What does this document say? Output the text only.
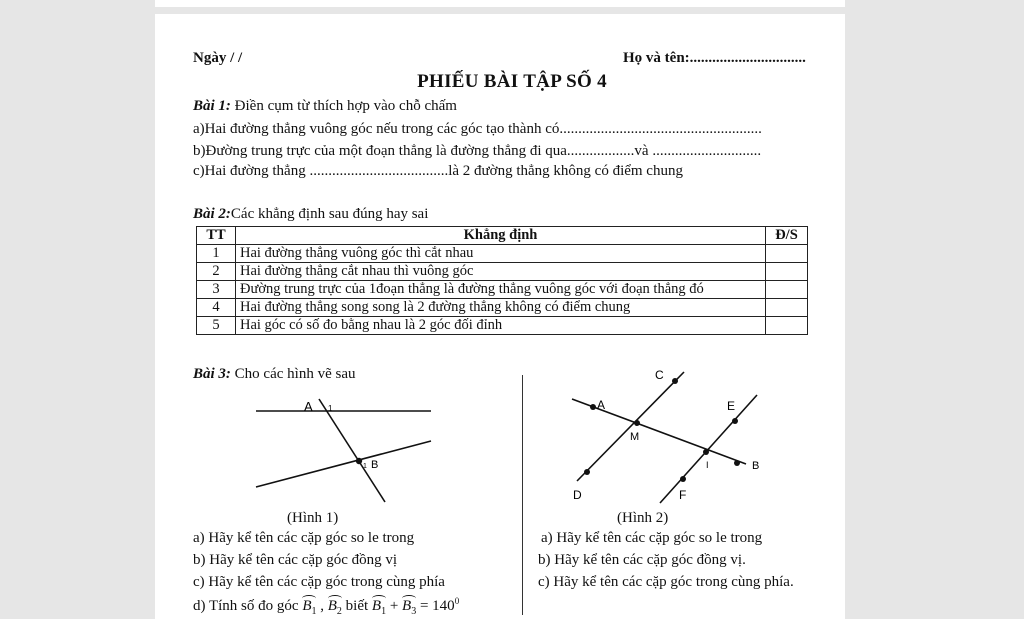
Ngày / /	Họ và tên:...............................
PHIẾU BÀI TẬP SỐ 4
Bài 1: Điền cụm từ thích hợp vào chỗ chấm
a)Hai đường thẳng vuông góc nếu trong các góc tạo thành có......................................................
b)Đường trung trực của một đoạn thẳng là đường thẳng đi qua..................và .............................
c)Hai đường thẳng .....................................là 2 đường thẳng không có điểm chung
Bài 2:Các khẳng định sau đúng hay sai
TT	Khẳng định	Đ/S
1	Hai đường thẳng vuông góc thì cắt nhau	
2	Hai đường thẳng cắt nhau thì vuông góc	
3	Đường trung trực của 1đoạn thẳng là đường thẳng vuông góc với đoạn thẳng đó	
4	Hai đường thẳng song song là 2 đường thẳng không có điểm chung	
5	Hai góc có số đo bằng nhau là 2 góc đối đỉnh	
Bài 3: Cho các hình vẽ sau
A 1
1 B
(Hình 1)
C
A	E
M
I	B
D	F
(Hình 2)
a) Hãy kể tên các cặp góc so le trong
b) Hãy kể tên các cặp góc đồng vị
c) Hãy kể tên các cặp góc trong cùng phía
d) Tính số đo góc $B_1$ , $B_2$ biết $B_1 + B_3 = 140^0$
a) Hãy kể tên các cặp góc so le trong
b) Hãy kể tên các cặp góc đồng vị.
c) Hãy kể tên các cặp góc trong cùng phía.
